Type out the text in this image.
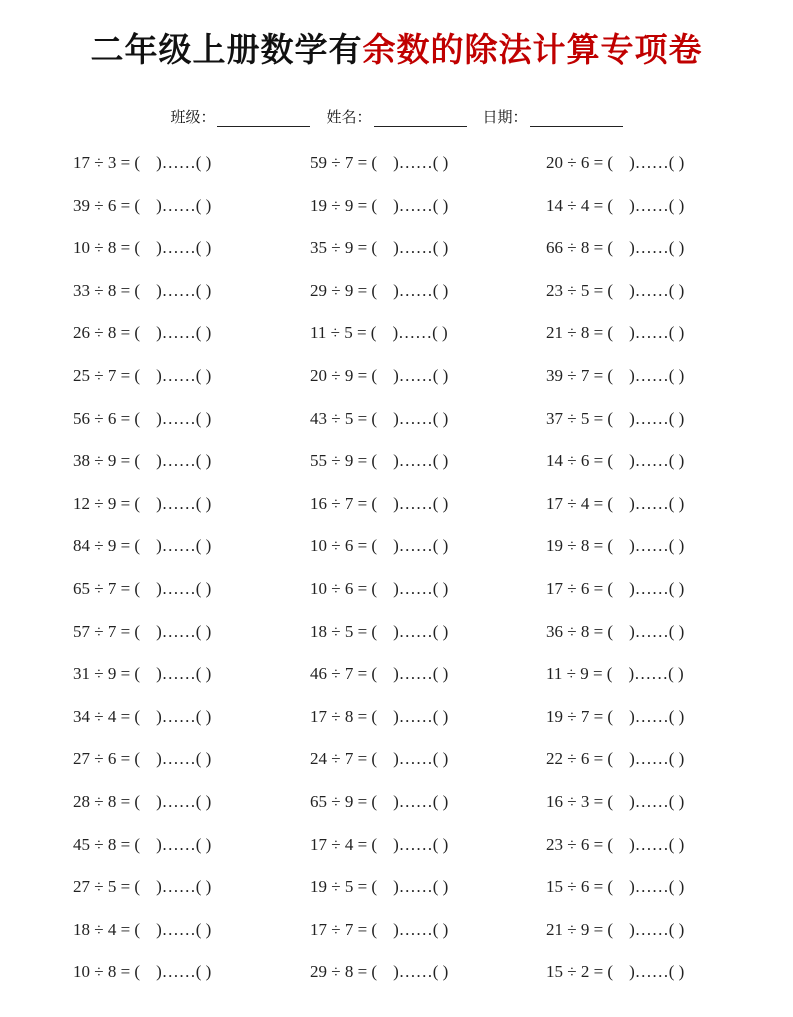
二年级上册数学有余数的除法计算专项卷
班级：	姓名：	日期：
17 ÷ 3 = ( )……( )	59 ÷ 7 = ( )……( )	20 ÷ 6 = ( )……( )
39 ÷ 6 = ( )……( )	19 ÷ 9 = ( )……( )	14 ÷ 4 = ( )……( )
10 ÷ 8 = ( )……( )	35 ÷ 9 = ( )……( )	66 ÷ 8 = ( )……( )
33 ÷ 8 = ( )……( )	29 ÷ 9 = ( )……( )	23 ÷ 5 = ( )……( )
26 ÷ 8 = ( )……( )	11 ÷ 5 = ( )……( )	21 ÷ 8 = ( )……( )
25 ÷ 7 = ( )……( )	20 ÷ 9 = ( )……( )	39 ÷ 7 = ( )……( )
56 ÷ 6 = ( )……( )	43 ÷ 5 = ( )……( )	37 ÷ 5 = ( )……( )
38 ÷ 9 = ( )……( )	55 ÷ 9 = ( )……( )	14 ÷ 6 = ( )……( )
12 ÷ 9 = ( )……( )	16 ÷ 7 = ( )……( )	17 ÷ 4 = ( )……( )
84 ÷ 9 = ( )……( )	10 ÷ 6 = ( )……( )	19 ÷ 8 = ( )……( )
65 ÷ 7 = ( )……( )	10 ÷ 6 = ( )……( )	17 ÷ 6 = ( )……( )
57 ÷ 7 = ( )……( )	18 ÷ 5 = ( )……( )	36 ÷ 8 = ( )……( )
31 ÷ 9 = ( )……( )	46 ÷ 7 = ( )……( )	11 ÷ 9 = ( )……( )
34 ÷ 4 = ( )……( )	17 ÷ 8 = ( )……( )	19 ÷ 7 = ( )……( )
27 ÷ 6 = ( )……( )	24 ÷ 7 = ( )……( )	22 ÷ 6 = ( )……( )
28 ÷ 8 = ( )……( )	65 ÷ 9 = ( )……( )	16 ÷ 3 = ( )……( )
45 ÷ 8 = ( )……( )	17 ÷ 4 = ( )……( )	23 ÷ 6 = ( )……( )
27 ÷ 5 = ( )……( )	19 ÷ 5 = ( )……( )	15 ÷ 6 = ( )……( )
18 ÷ 4 = ( )……( )	17 ÷ 7 = ( )……( )	21 ÷ 9 = ( )……( )
10 ÷ 8 = ( )……( )	29 ÷ 8 = ( )……( )	15 ÷ 2 = ( )……( )
